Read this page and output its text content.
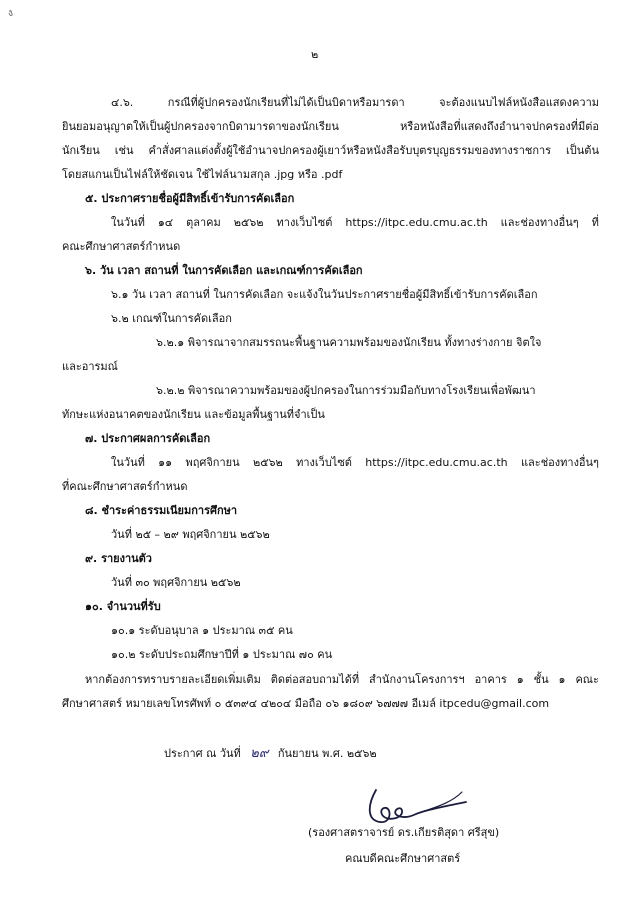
ง
๒
๔.๖.	กรณีที่ผู้ปกครองนักเรียนที่ไม่ได้เป็นบิดาหรือมารดา	จะต้องแนบไฟล์หนังสือแสดงความ
ยินยอมอนุญาตให้เป็นผู้ปกครองจากบิดามารดาของนักเรียน	หรือหนังสือที่แสดงถึงอำนาจปกครองที่มีต่อ
นักเรียน เช่น คำสั่งศาลแต่งตั้งผู้ใช้อำนาจปกครองผู้เยาว์หรือหนังสือรับบุตรบุญธรรมของทางราชการ เป็นต้น
โดยสแกนเป็นไฟล์ให้ชัดเจน ใช้ไฟล์นามสกุล .jpg หรือ .pdf
๕. ประกาศรายชื่อผู้มีสิทธิ์เข้ารับการคัดเลือก
ในวันที่ ๑๔ ตุลาคม ๒๕๖๒ ทางเว็บไซต์ https://itpc.edu.cmu.ac.th และช่องทางอื่นๆ ที่
คณะศึกษาศาสตร์กำหนด
๖. วัน เวลา สถานที่ ในการคัดเลือก และเกณฑ์การคัดเลือก
๖.๑ วัน เวลา สถานที่ ในการคัดเลือก จะแจ้งในวันประกาศรายชื่อผู้มีสิทธิ์เข้ารับการคัดเลือก
๖.๒ เกณฑ์ในการคัดเลือก
๖.๒.๑ พิจารณาจากสมรรถนะพื้นฐานความพร้อมของนักเรียน ทั้งทางร่างกาย จิตใจ
และอารมณ์
๖.๒.๒ พิจารณาความพร้อมของผู้ปกครองในการร่วมมือกับทางโรงเรียนเพื่อพัฒนา
ทักษะแห่งอนาคตของนักเรียน และข้อมูลพื้นฐานที่จำเป็น
๗. ประกาศผลการคัดเลือก
ในวันที่ ๑๑ พฤศจิกายน ๒๕๖๒ ทางเว็บไซต์ https://itpc.edu.cmu.ac.th และช่องทางอื่นๆ
ที่คณะศึกษาศาสตร์กำหนด
๘. ชำระค่าธรรมเนียมการศึกษา
วันที่ ๒๕ – ๒๙ พฤศจิกายน ๒๕๖๒
๙. รายงานตัว
วันที่ ๓๐ พฤศจิกายน ๒๕๖๒
๑๐. จำนวนที่รับ
๑๐.๑ ระดับอนุบาล ๑ ประมาณ ๓๕ คน
๑๐.๒ ระดับประถมศึกษาปีที่ ๑ ประมาณ ๗๐ คน
หากต้องการทราบรายละเอียดเพิ่มเติม ติดต่อสอบถามได้ที่ สำนักงานโครงการฯ อาคาร ๑ ชั้น ๑ คณะ
ศึกษาศาสตร์ หมายเลขโทรศัพท์ ๐ ๕๓๙๔ ๔๒๐๔ มือถือ ๐๖ ๑๘๐๙ ๖๗๗๗ อีเมล์ itpcedu@gmail.com
ประกาศ ณ วันที่ ๒๙ กันยายน พ.ศ. ๒๕๖๒
(รองศาสตราจารย์ ดร.เกียรติสุดา ศรีสุข)
คณบดีคณะศึกษาศาสตร์
